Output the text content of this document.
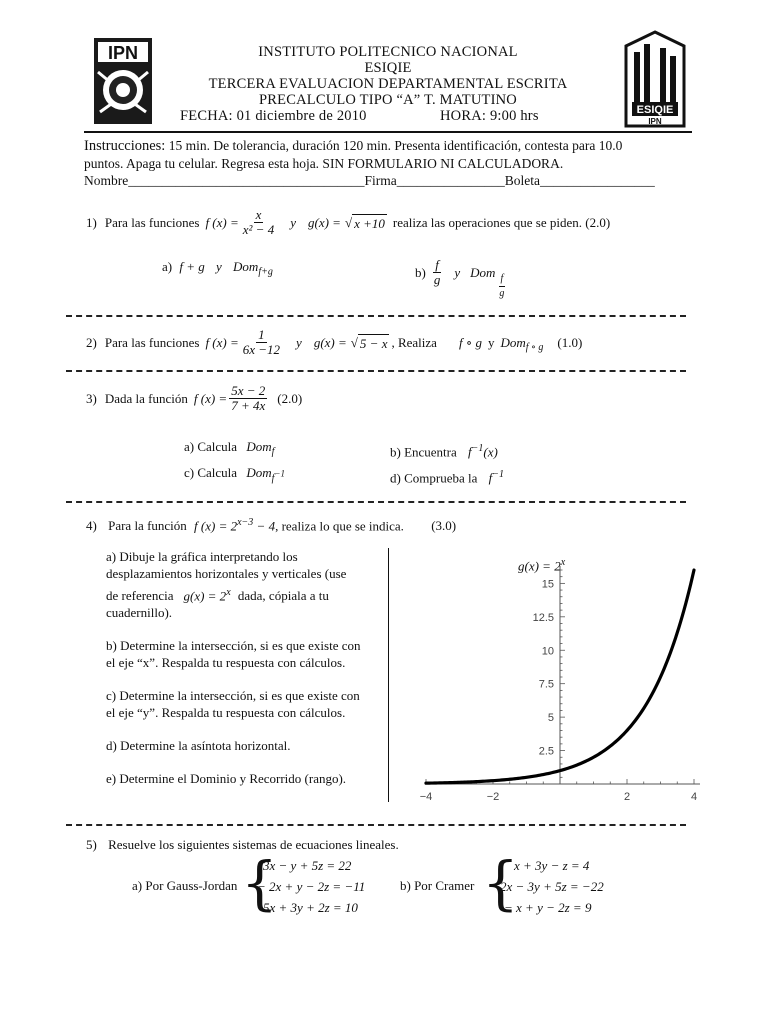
IPN	INSTITUTO POLITECNICO NACIONAL
ESIQIE
TERCERA EVALUACION DEPARTAMENTAL ESCRITA
PRECALCULO TIPO “A” T. MATUTINO
FECHA: 01 diciembre de 2010	HORA: 9:00 hrs	ESIQIE
IPN
Instrucciones: 15 min. De tolerancia, duración 120 min. Presenta identificación, contesta para 10.0
puntos. Apaga tu celular. Regresa esta hoja. SIN FORMULARIO NI CALCULADORA.
Nombre___________________________________Firma________________Boleta_________________
1) Para las funciones f $(x) = \frac{x}{\text{x² − 4}}$ y g(x) = √ x +10 realiza las operaciones que se piden. (2.0)
a) f + g y Dom$_{f+g}$	$b) \frac{f}{g}$ y Dom $\frac{f}{g}$
2) Para las funciones f $(x) = \frac{1}{6x -12}$ y g(x) = √ 5 − x , Realiza f ∘ g y Dom$_{f \circ g}$ (1.0)
3) Dada la función f $(x) = \frac{5x - 2}{7 + 4x} (2.0)$
a) Calcula Dom$_f$	b) Encuentra $f^{-1}(x)$
c) Calcula Dom$_{f^{-1}}$	d) Comprueba la $f^{-1}$
4) Para la función f $(x) = 2^{x-3} - 4$, realiza lo que se indica. (3.0)
a) Dibuje la gráfica interpretando los
desplazamientos horizontales y verticales (use
de referencia $g(x) = 2^x$ dada, cópiala a tu
cuadernillo).
b) Determine la intersección, si es que existe con
el eje “x”. Respalda tu respuesta con cálculos.
c) Determine la intersección, si es que existe con
el eje “y”. Respalda tu respuesta con cálculos.
d) Determine la asíntota horizontal.
e) Determine el Dominio y Recorrido (rango).
−4	−2	2	4
2.5
5
7.5
10
12.5
15
$g(x) = 2^x$
5) Resuelve los siguientes sistemas de ecuaciones lineales.
a) Por Gauss-Jordan {
3x − y + 5z = 22
− 2x + y − 2z = −11
5x + 3y + 2z = 10
b) Por Cramer {
x + 3y − z = 4
2x − 3y + 5z = −22
− x + y − 2z = 9
